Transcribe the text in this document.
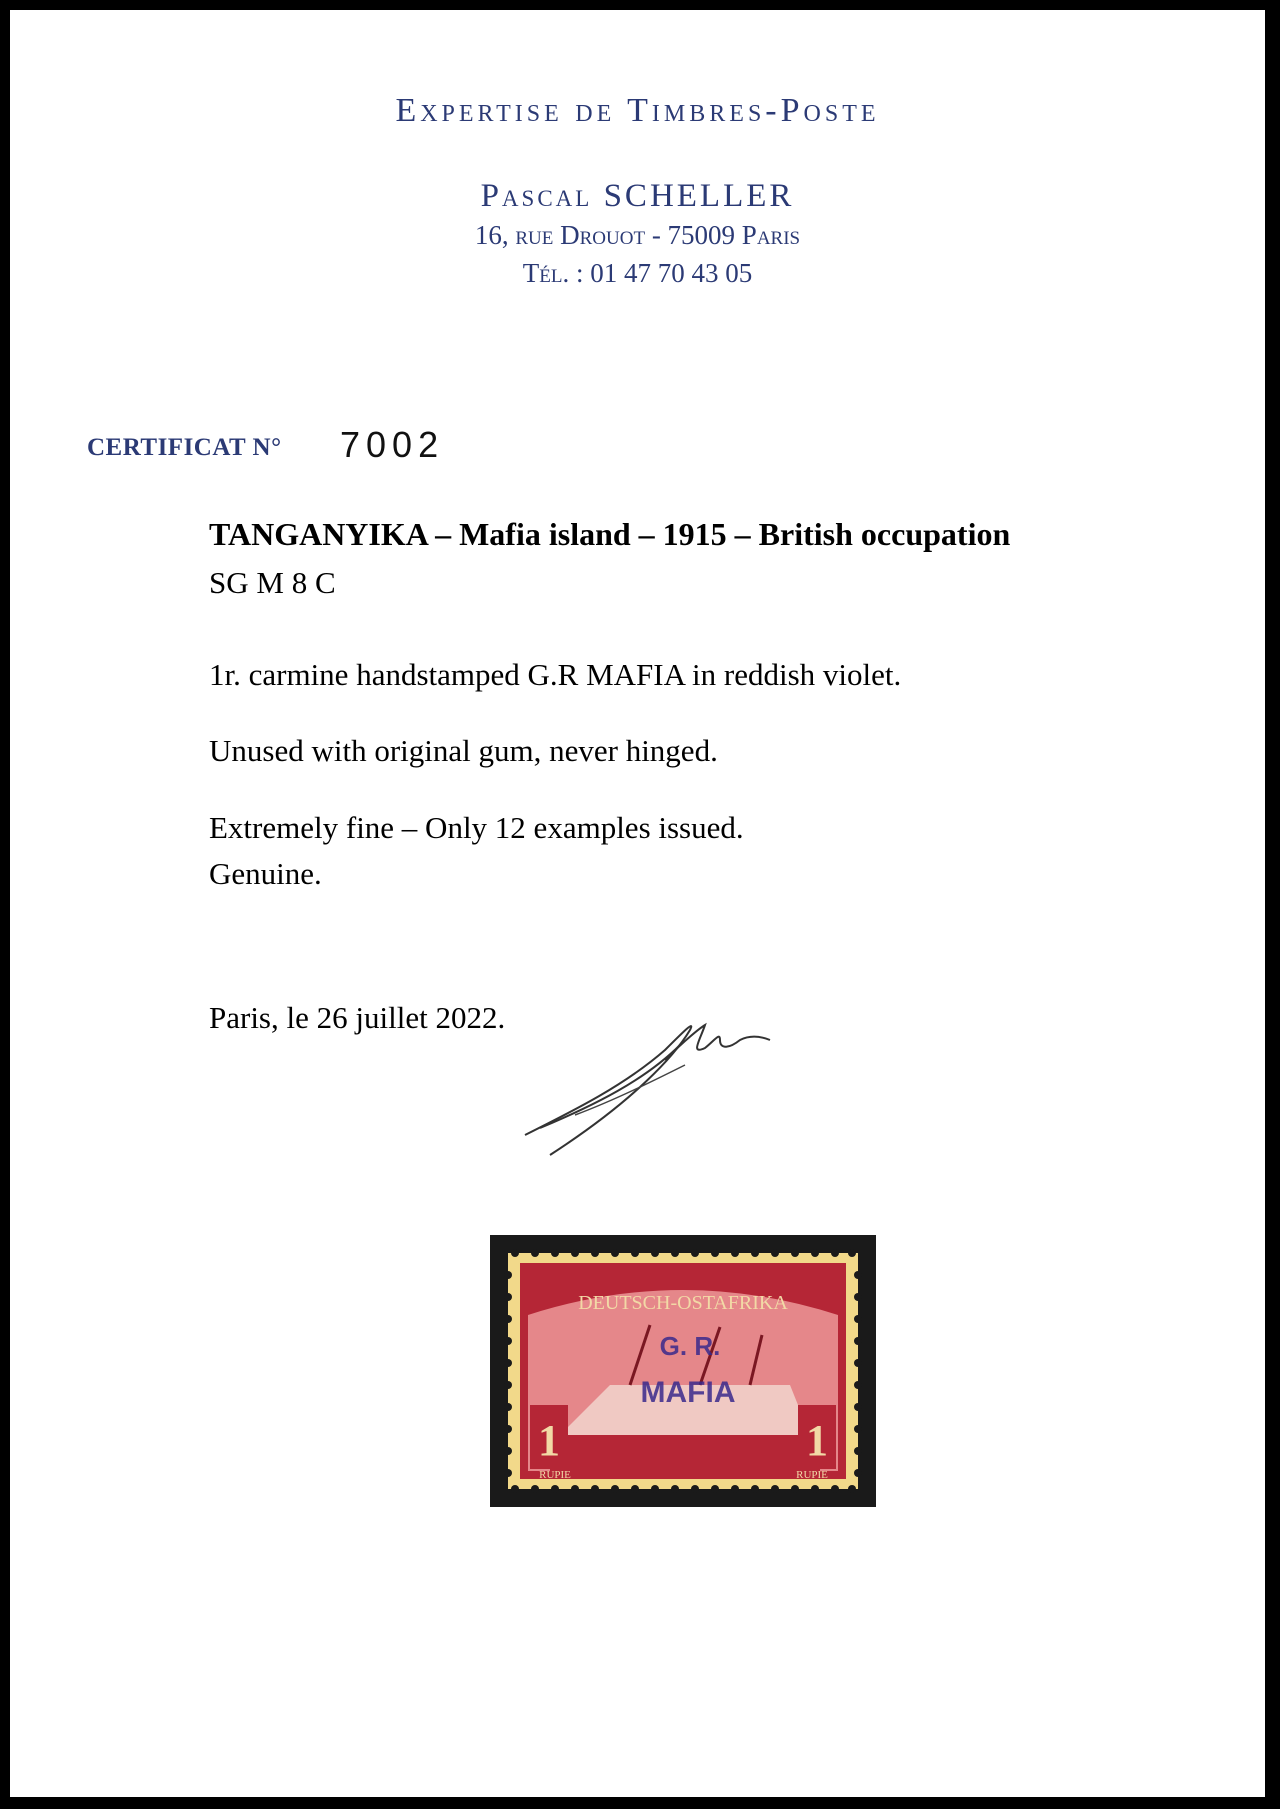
Expertise de Timbres-Poste
Pascal SCHELLER
16, rue Drouot - 75009 Paris
Tél. : 01 47 70 43 05
CERTIFICAT N° 7002
TANGANYIKA – Mafia island – 1915 – British occupation
SG M 8 C
1r. carmine handstamped G.R MAFIA in reddish violet.
Unused with original gum, never hinged.
Extremely fine – Only 12 examples issued.
Genuine.
Paris, le 26 juillet 2022.
DEUTSCH-OSTAFRIKA
1	1
RUPIE	RUPIE
G. R.
MAFIA
